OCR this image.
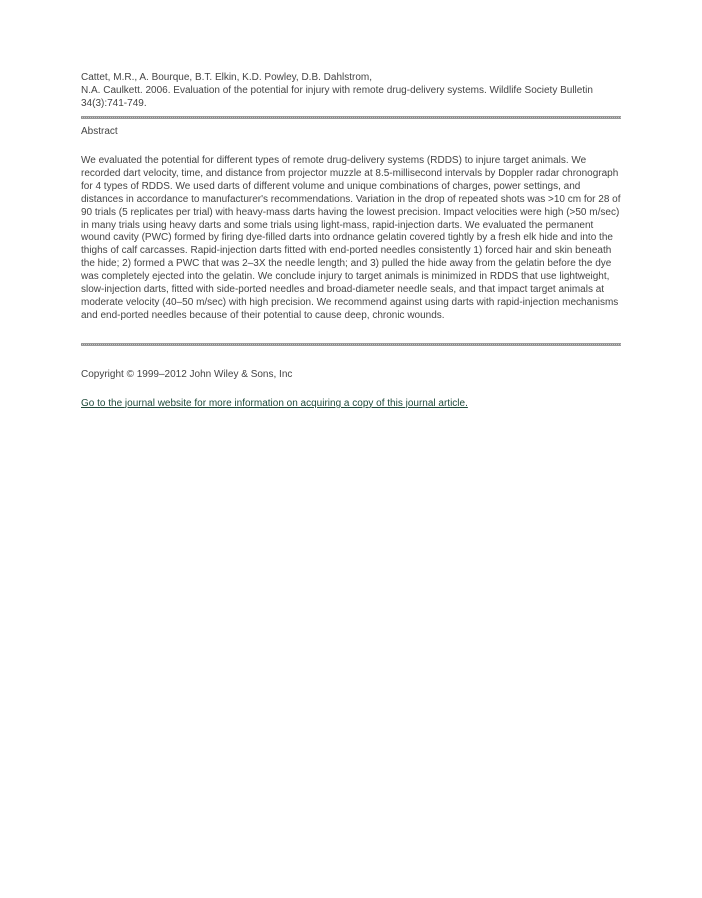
Cattet, M.R., A. Bourque, B.T. Elkin, K.D. Powley, D.B. Dahlstrom,
N.A. Caulkett. 2006. Evaluation of the potential for injury with remote drug-delivery systems. Wildlife Society Bulletin 34(3):741-749.
Abstract
We evaluated the potential for different types of remote drug-delivery systems (RDDS) to injure target animals. We recorded dart velocity, time, and distance from projector muzzle at 8.5-millisecond intervals by Doppler radar chronograph for 4 types of RDDS. We used darts of different volume and unique combinations of charges, power settings, and distances in accordance to manufacturer's recommendations. Variation in the drop of repeated shots was >10 cm for 28 of 90 trials (5 replicates per trial) with heavy-mass darts having the lowest precision. Impact velocities were high (>50 m/sec) in many trials using heavy darts and some trials using light-mass, rapid-injection darts. We evaluated the permanent wound cavity (PWC) formed by firing dye-filled darts into ordnance gelatin covered tightly by a fresh elk hide and into the thighs of calf carcasses. Rapid-injection darts fitted with end-ported needles consistently 1) forced hair and skin beneath the hide; 2) formed a PWC that was 2–3X the needle length; and 3) pulled the hide away from the gelatin before the dye was completely ejected into the gelatin. We conclude injury to target animals is minimized in RDDS that use lightweight, slow-injection darts, fitted with side-ported needles and broad-diameter needle seals, and that impact target animals at moderate velocity (40–50 m/sec) with high precision. We recommend against using darts with rapid-injection mechanisms and end-ported needles because of their potential to cause deep, chronic wounds.
Copyright © 1999–2012 John Wiley & Sons, Inc
Go to the journal website for more information on acquiring a copy of this journal article.
